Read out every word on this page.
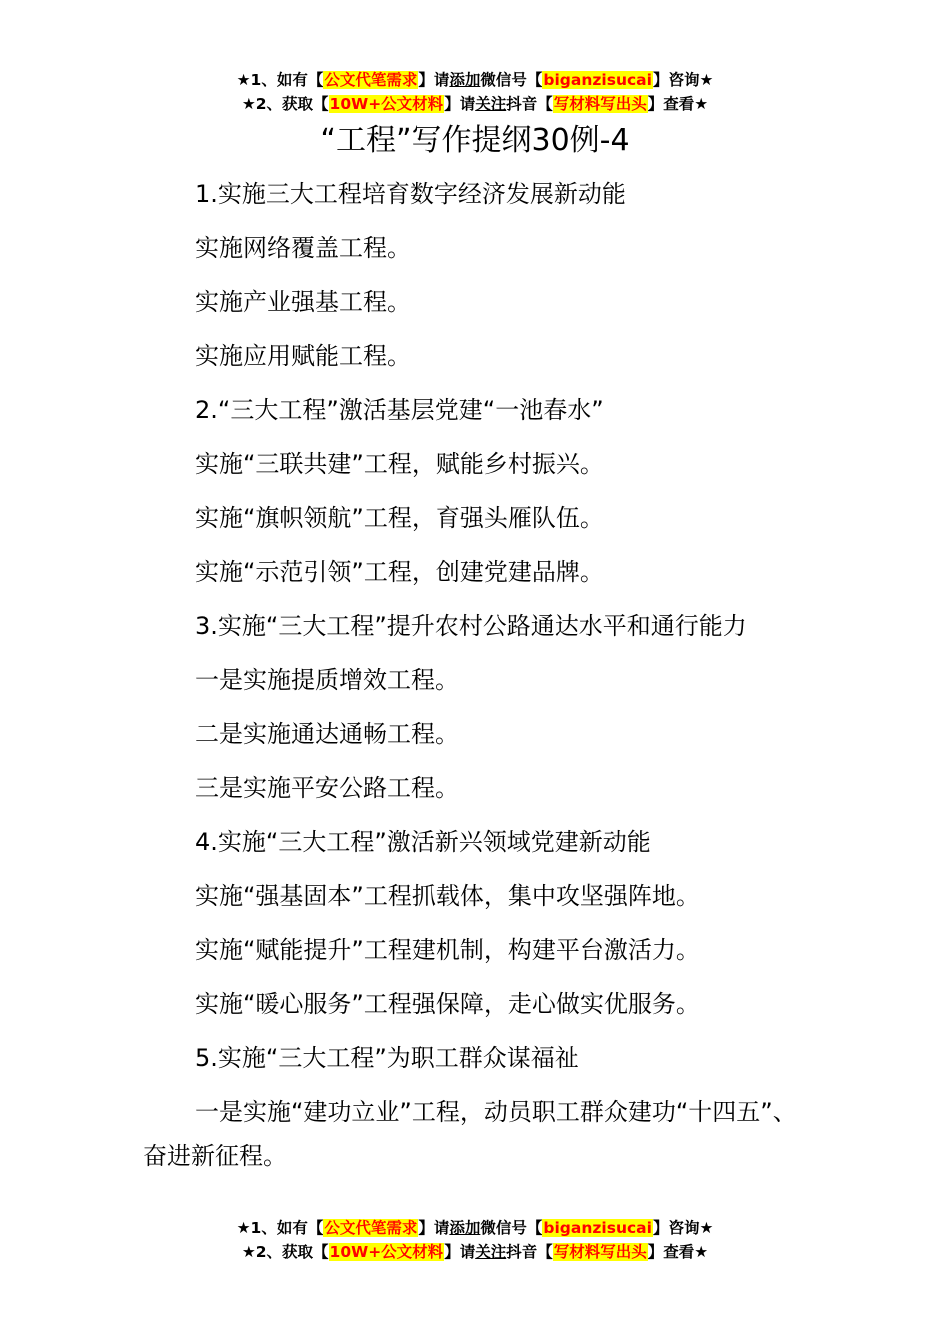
★1、如有【公文代笔需求】请添加微信号【biganzisucai】咨询★
★2、获取【10W+公文材料】请关注抖音【写材料写出头】查看★
“工程”写作提纲30例-4
1.实施三大工程培育数字经济发展新动能
实施网络覆盖工程。
实施产业强基工程。
实施应用赋能工程。
2.“三大工程”激活基层党建“一池春水”
实施“三联共建”工程，赋能乡村振兴。
实施“旗帜领航”工程，育强头雁队伍。
实施“示范引领”工程，创建党建品牌。
3.实施“三大工程”提升农村公路通达水平和通行能力
一是实施提质增效工程。
二是实施通达通畅工程。
三是实施平安公路工程。
4.实施“三大工程”激活新兴领域党建新动能
实施“强基固本”工程抓载体，集中攻坚强阵地。
实施“赋能提升”工程建机制，构建平台激活力。
实施“暖心服务”工程强保障，走心做实优服务。
5.实施“三大工程”为职工群众谋福祉
一是实施“建功立业”工程，动员职工群众建功“十四五”、奋进新征程。
★1、如有【公文代笔需求】请添加微信号【biganzisucai】咨询★
★2、获取【10W+公文材料】请关注抖音【写材料写出头】查看★
